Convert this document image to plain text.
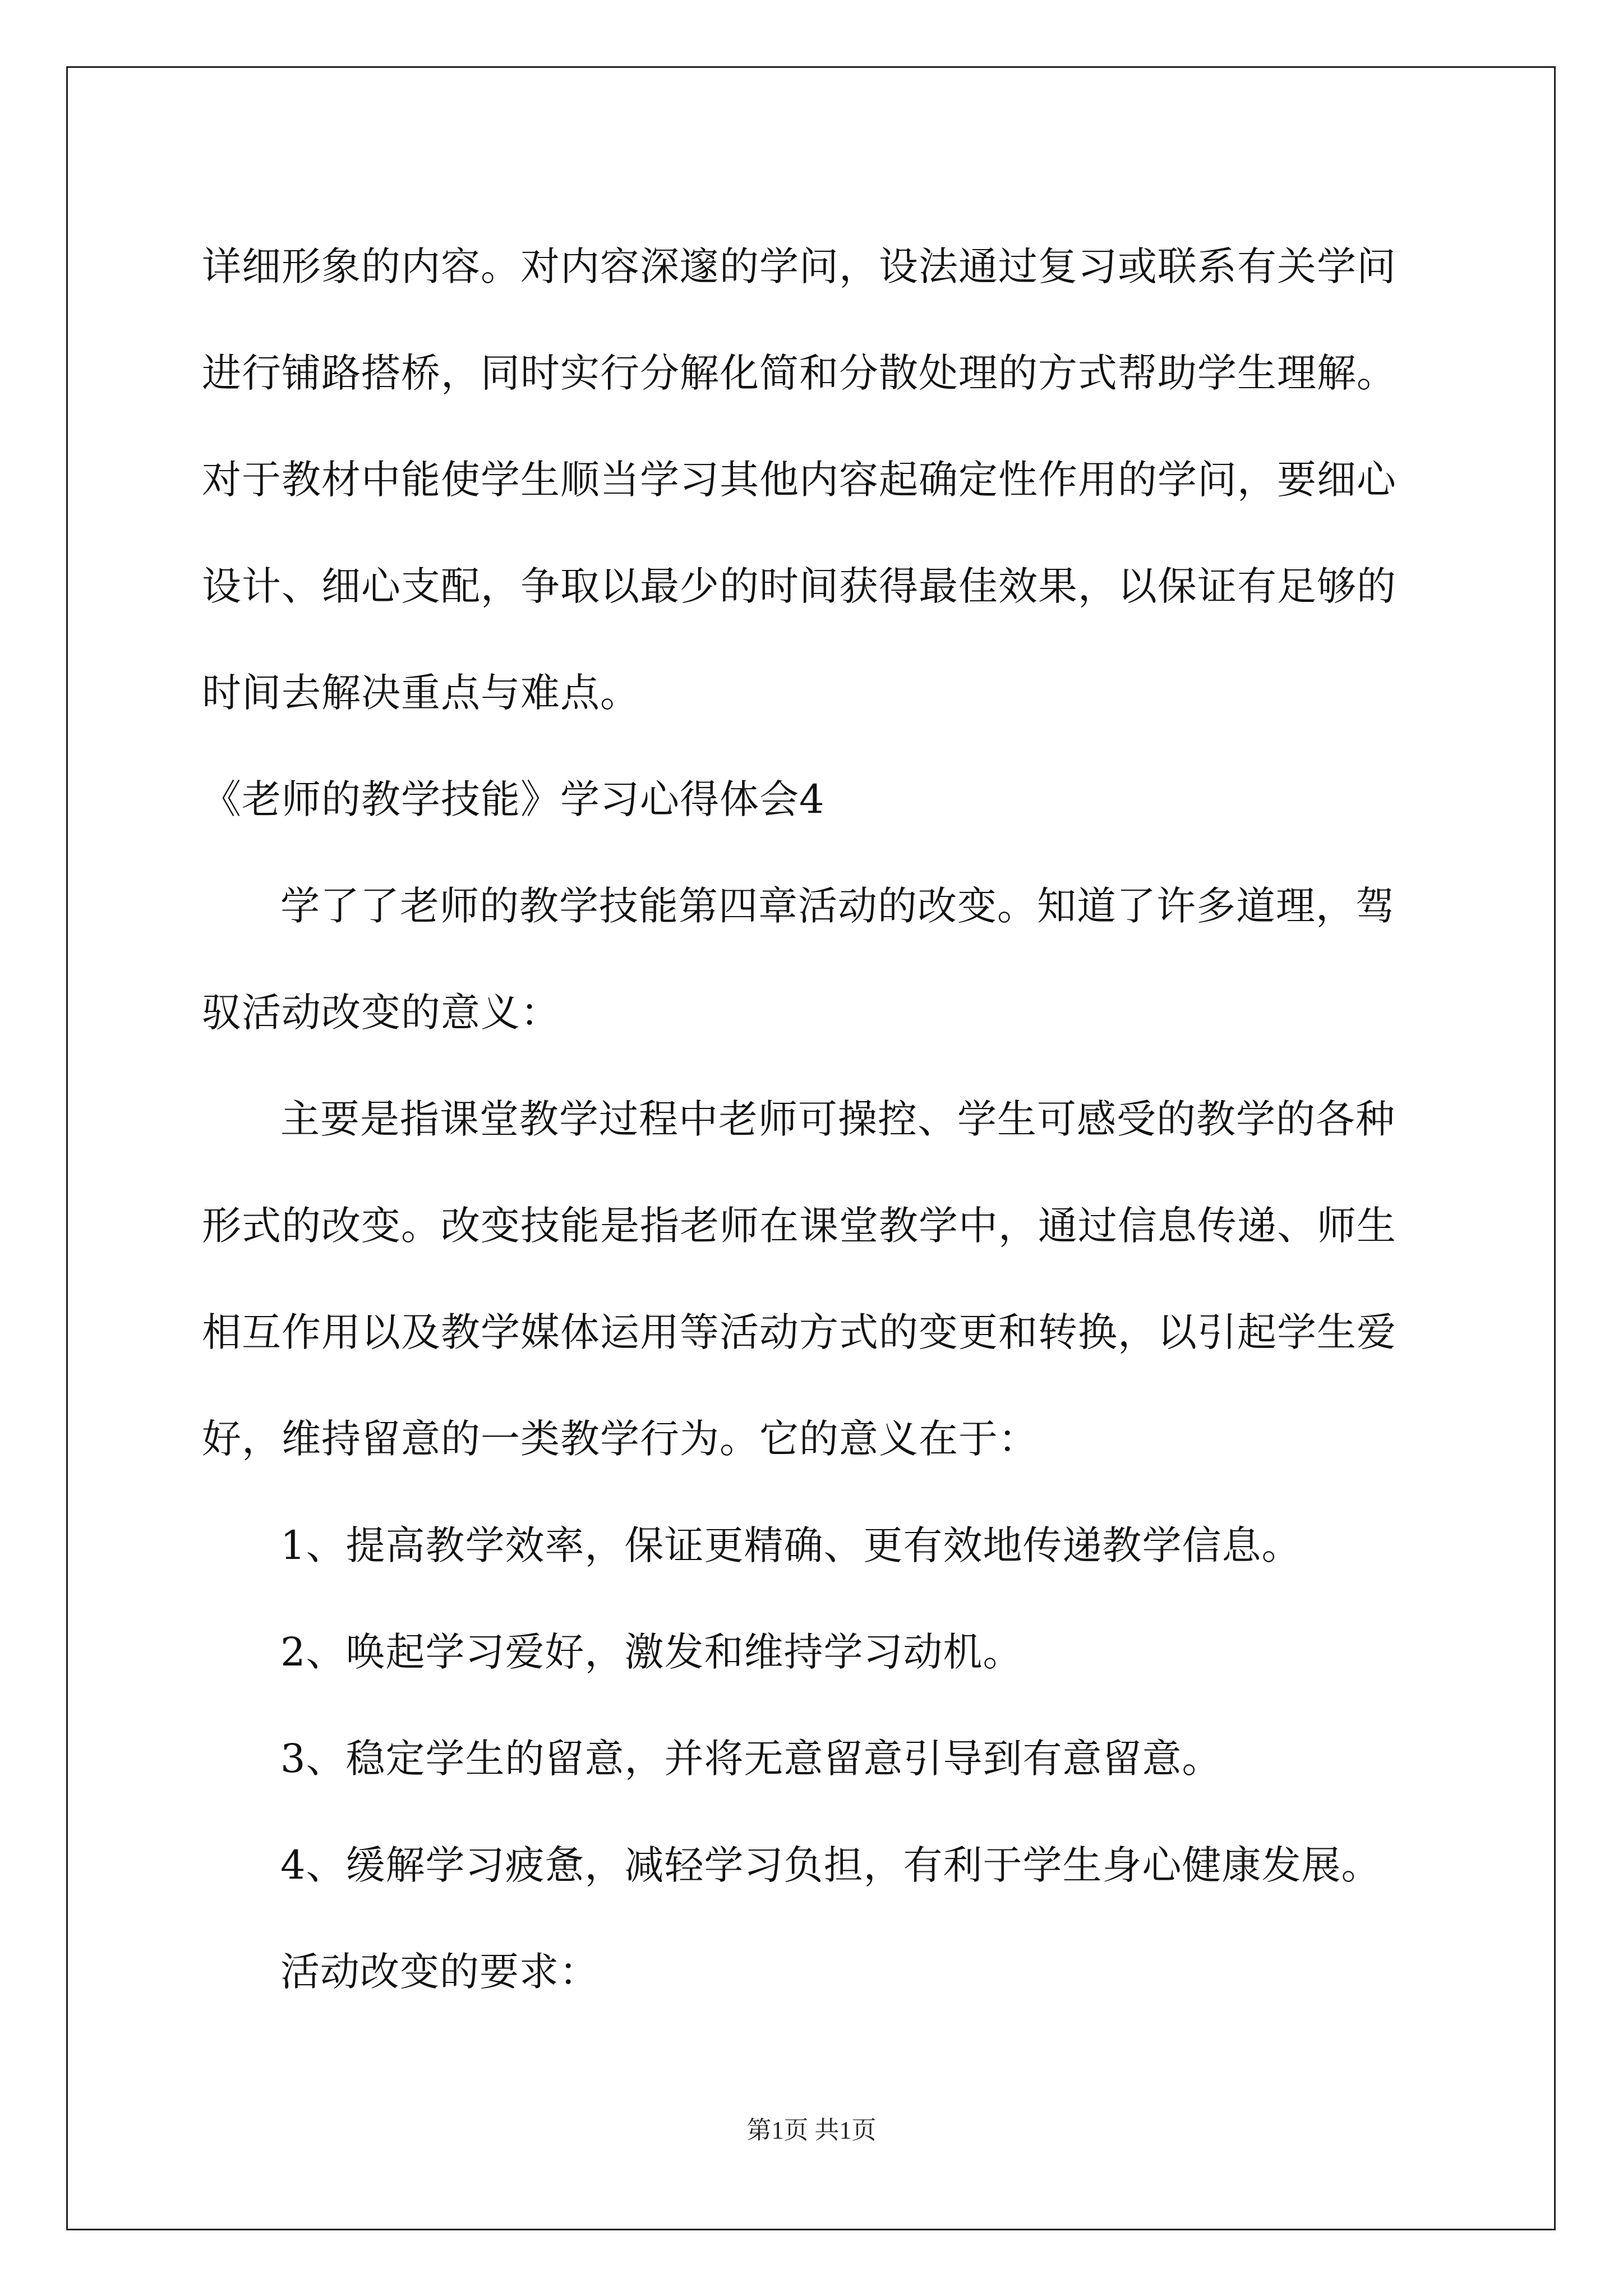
详细形象的内容。对内容深邃的学问，设法通过复习或联系有关学问
进行铺路搭桥，同时实行分解化简和分散处理的方式帮助学生理解。
对于教材中能使学生顺当学习其他内容起确定性作用的学问，要细心
设计、细心支配，争取以最少的时间获得最佳效果，以保证有足够的
时间去解决重点与难点。
《老师的教学技能》学习心得体会4
学了了老师的教学技能第四章活动的改变。知道了许多道理，驾
驭活动改变的意义：
主要是指课堂教学过程中老师可操控、学生可感受的教学的各种
形式的改变。改变技能是指老师在课堂教学中，通过信息传递、师生
相互作用以及教学媒体运用等活动方式的变更和转换，以引起学生爱
好，维持留意的一类教学行为。它的意义在于：
1、提高教学效率，保证更精确、更有效地传递教学信息。
2、唤起学习爱好，激发和维持学习动机。
3、稳定学生的留意，并将无意留意引导到有意留意。
4、缓解学习疲惫，减轻学习负担，有利于学生身心健康发展。
活动改变的要求：
第1页 共1页
